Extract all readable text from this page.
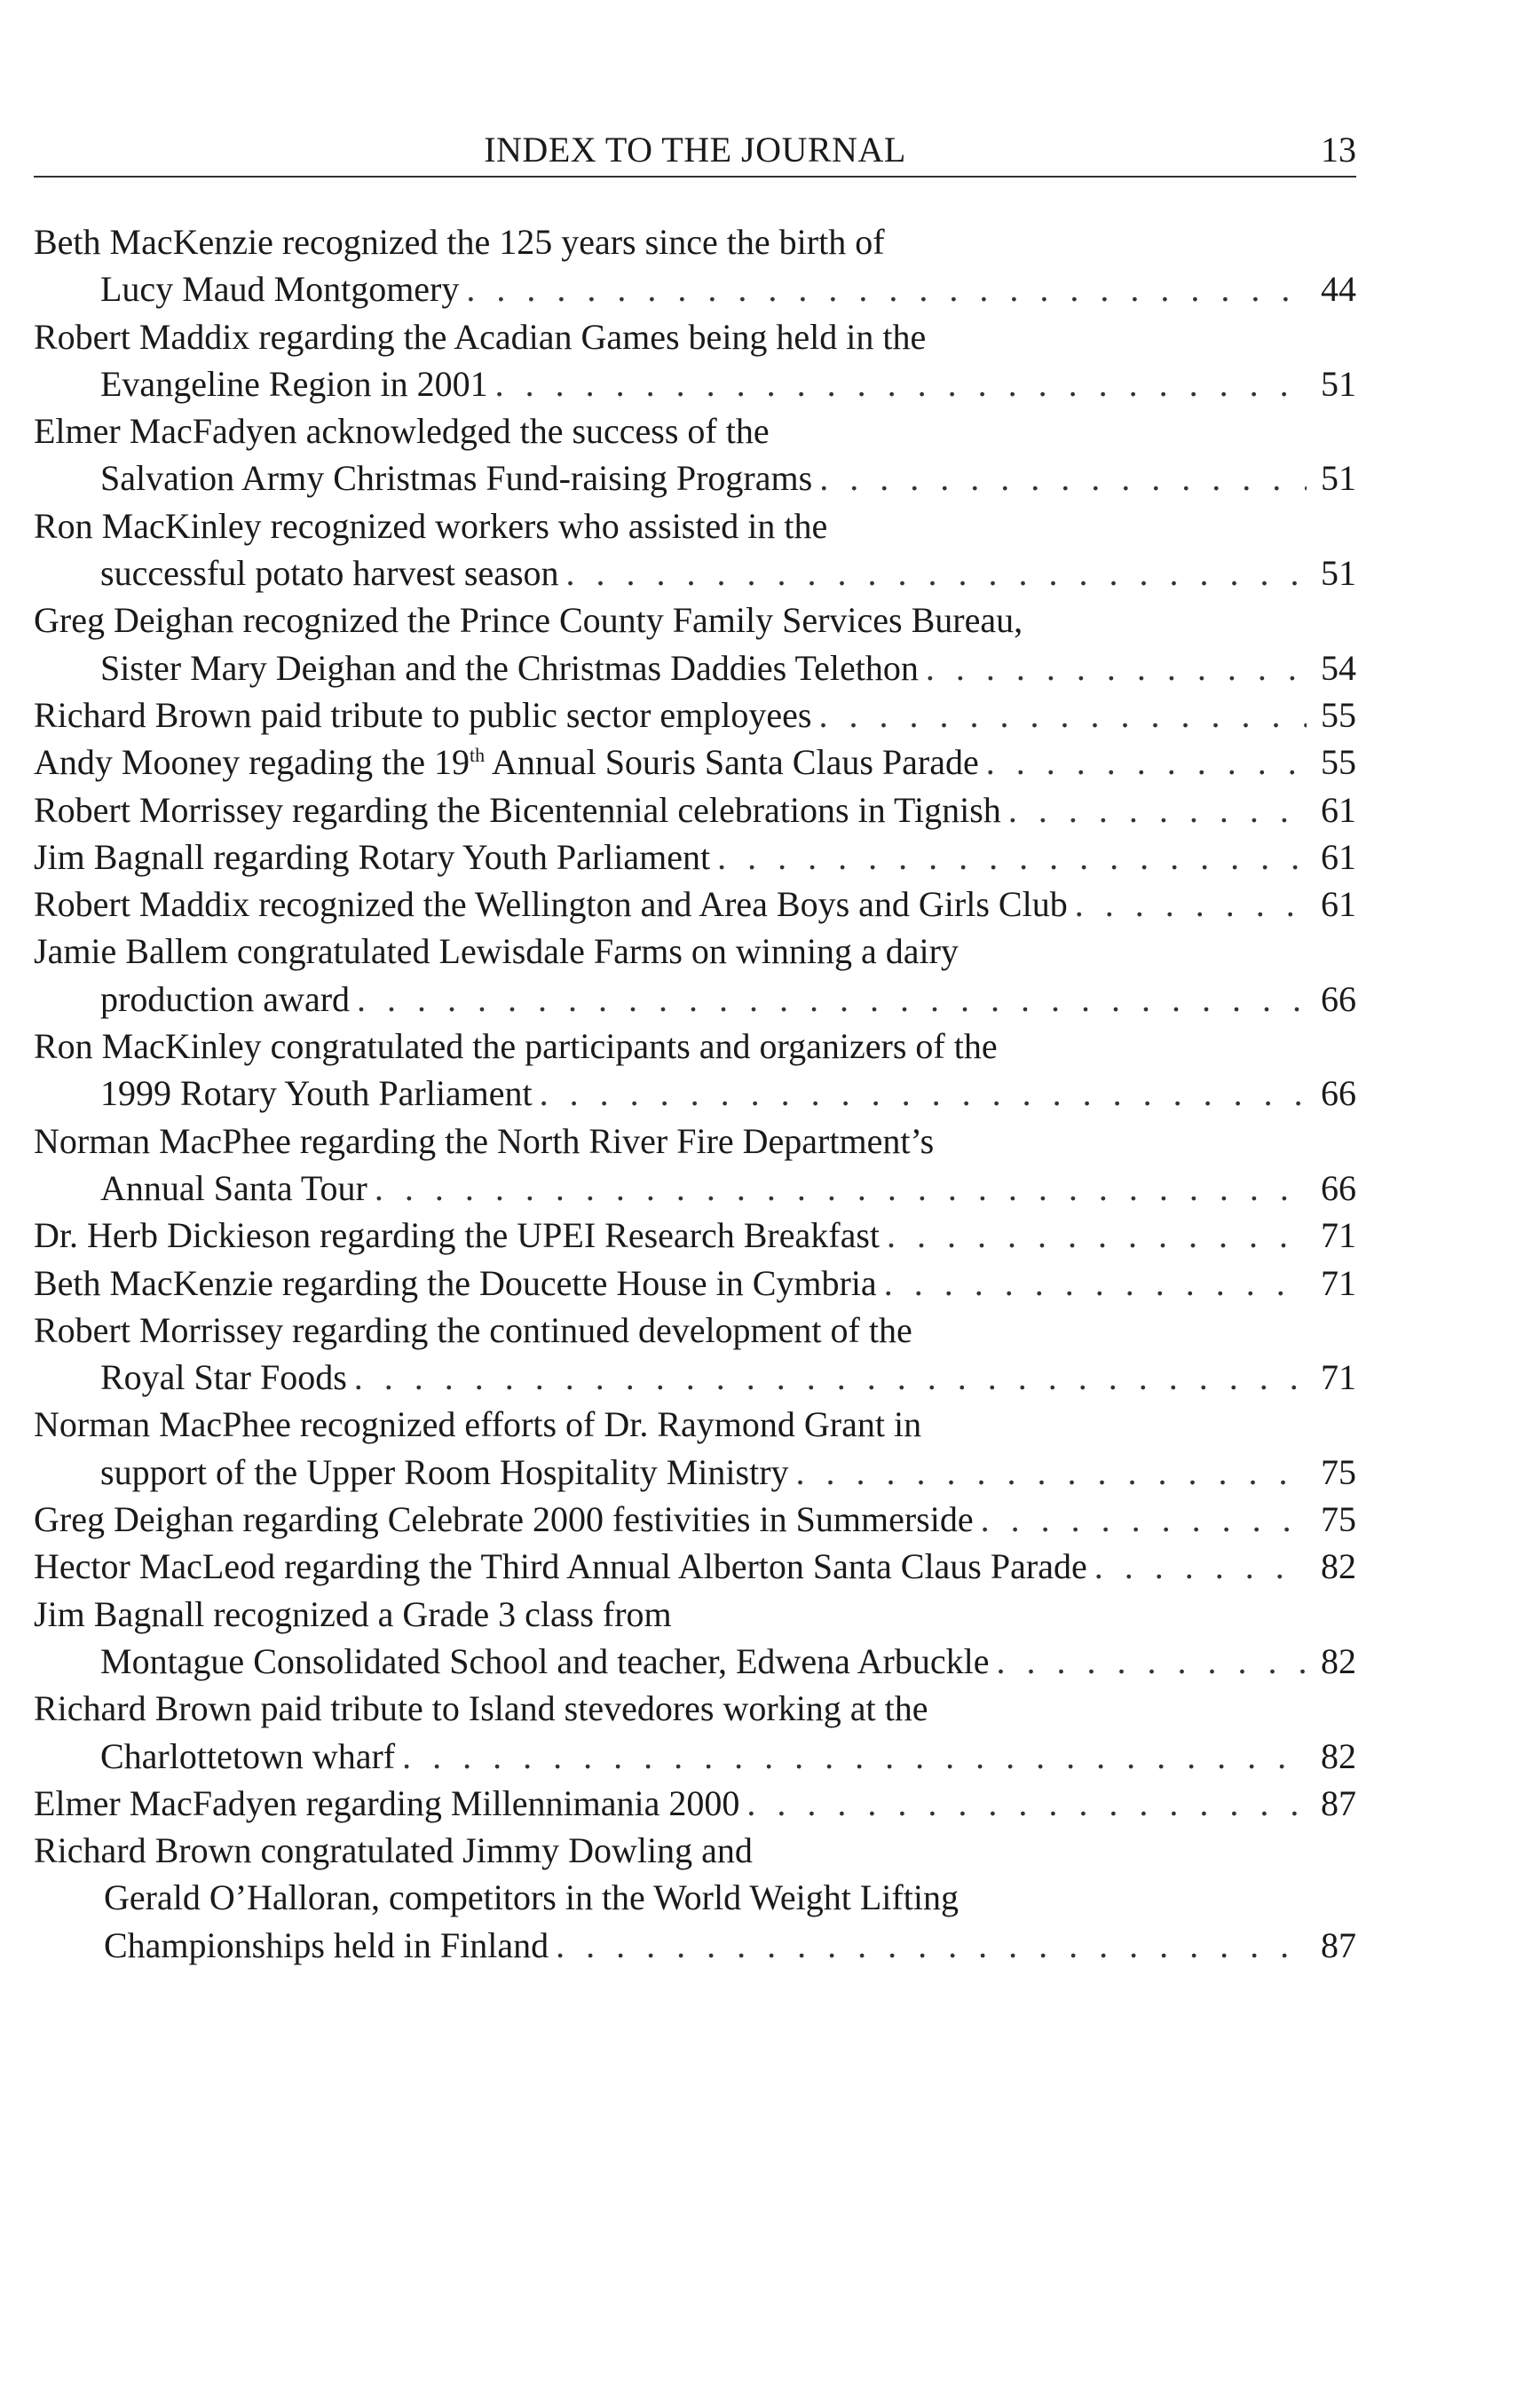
INDEX TO THE JOURNAL	13
Beth MacKenzie recognized the 125 years since the birth of
Lucy Maud Montgomery . . .	44
Robert Maddix regarding the Acadian Games being held in the
Evangeline Region in 2001 . . .	51
Elmer MacFadyen acknowledged the success of the
Salvation Army Christmas Fund-raising Programs . . .	51
Ron MacKinley recognized workers who assisted in the
successful potato harvest season . . .	51
Greg Deighan recognized the Prince County Family Services Bureau,
Sister Mary Deighan and the Christmas Daddies Telethon . . .	54
Richard Brown paid tribute to public sector employees . . .	55
Andy Mooney regading the 19th Annual Souris Santa Claus Parade . . .	55
Robert Morrissey regarding the Bicentennial celebrations in Tignish . . .	61
Jim Bagnall regarding Rotary Youth Parliament . . .	61
Robert Maddix recognized the Wellington and Area Boys and Girls Club . . .	61
Jamie Ballem congratulated Lewisdale Farms on winning a dairy
production award . . .	66
Ron MacKinley congratulated the participants and organizers of the
1999 Rotary Youth Parliament . . .	66
Norman MacPhee regarding the North River Fire Department’s
Annual Santa Tour . . .	66
Dr. Herb Dickieson regarding the UPEI Research Breakfast . . .	71
Beth MacKenzie regarding the Doucette House in Cymbria . . .	71
Robert Morrissey regarding the continued development of the
Royal Star Foods . . .	71
Norman MacPhee recognized efforts of Dr. Raymond Grant in
support of the Upper Room Hospitality Ministry . . .	75
Greg Deighan regarding Celebrate 2000 festivities in Summerside . . .	75
Hector MacLeod regarding the Third Annual Alberton Santa Claus Parade . . .	82
Jim Bagnall recognized a Grade 3 class from
Montague Consolidated School and teacher, Edwena Arbuckle . . .	82
Richard Brown paid tribute to Island stevedores working at the
Charlottetown wharf . . .	82
Elmer MacFadyen regarding Millennimania 2000 . . .	87
Richard Brown congratulated Jimmy Dowling and
Gerald O’Halloran, competitors in the World Weight Lifting
Championships held in Finland . . .	87
